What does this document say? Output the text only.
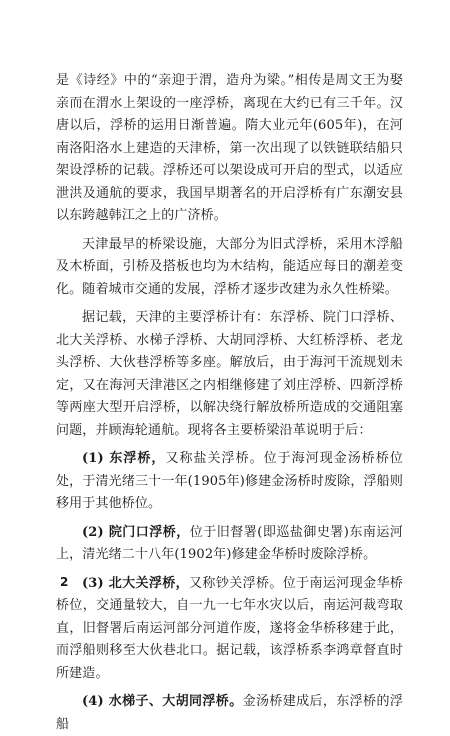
是《诗经》中的“亲迎于渭，造舟为梁。”相传是周文王为娶亲而在渭水上架设的一座浮桥，离现在大约已有三千年。汉唐以后，浮桥的运用日渐普遍。隋大业元年(605年)，在河南洛阳洛水上建造的天津桥，第一次出现了以铁链联结船只架设浮桥的记载。浮桥还可以架设成可开启的型式，以适应泄洪及通航的要求，我国早期著名的开启浮桥有广东潮安县以东跨越韩江之上的广济桥。

天津最早的桥梁设施，大部分为旧式浮桥，采用木浮船及木桥面，引桥及搭板也均为木结构，能适应每日的潮差变化。随着城市交通的发展，浮桥才逐步改建为永久性桥梁。

据记载，天津的主要浮桥计有：东浮桥、院门口浮桥、北大关浮桥、水梯子浮桥、大胡同浮桥、大红桥浮桥、老龙头浮桥、大伙巷浮桥等多座。解放后，由于海河干流规划未定，又在海河天津港区之内相继修建了刘庄浮桥、四新浮桥等两座大型开启浮桥，以解决绕行解放桥所造成的交通阻塞问题，并顾海轮通航。现将各主要桥梁沿革说明于后：

(1) 东浮桥，又称盐关浮桥。位于海河现金汤桥桥位处，于清光绪三十一年(1905年)修建金汤桥时废除，浮船则移用于其他桥位。

(2) 院门口浮桥，位于旧督署(即巡盐御史署)东南运河上，清光绪二十八年(1902年)修建金华桥时废除浮桥。

(3) 北大关浮桥，又称钞关浮桥。位于南运河现金华桥桥位，交通量较大，自一九一七年水灾以后，南运河裁弯取直，旧督署后南运河部分河道作废，遂将金华桥移建于此，而浮船则移至大伙巷北口。据记载，该浮桥系李鸿章督直时所建造。

(4) 水梯子、大胡同浮桥。金汤桥建成后，东浮桥的浮船

2
